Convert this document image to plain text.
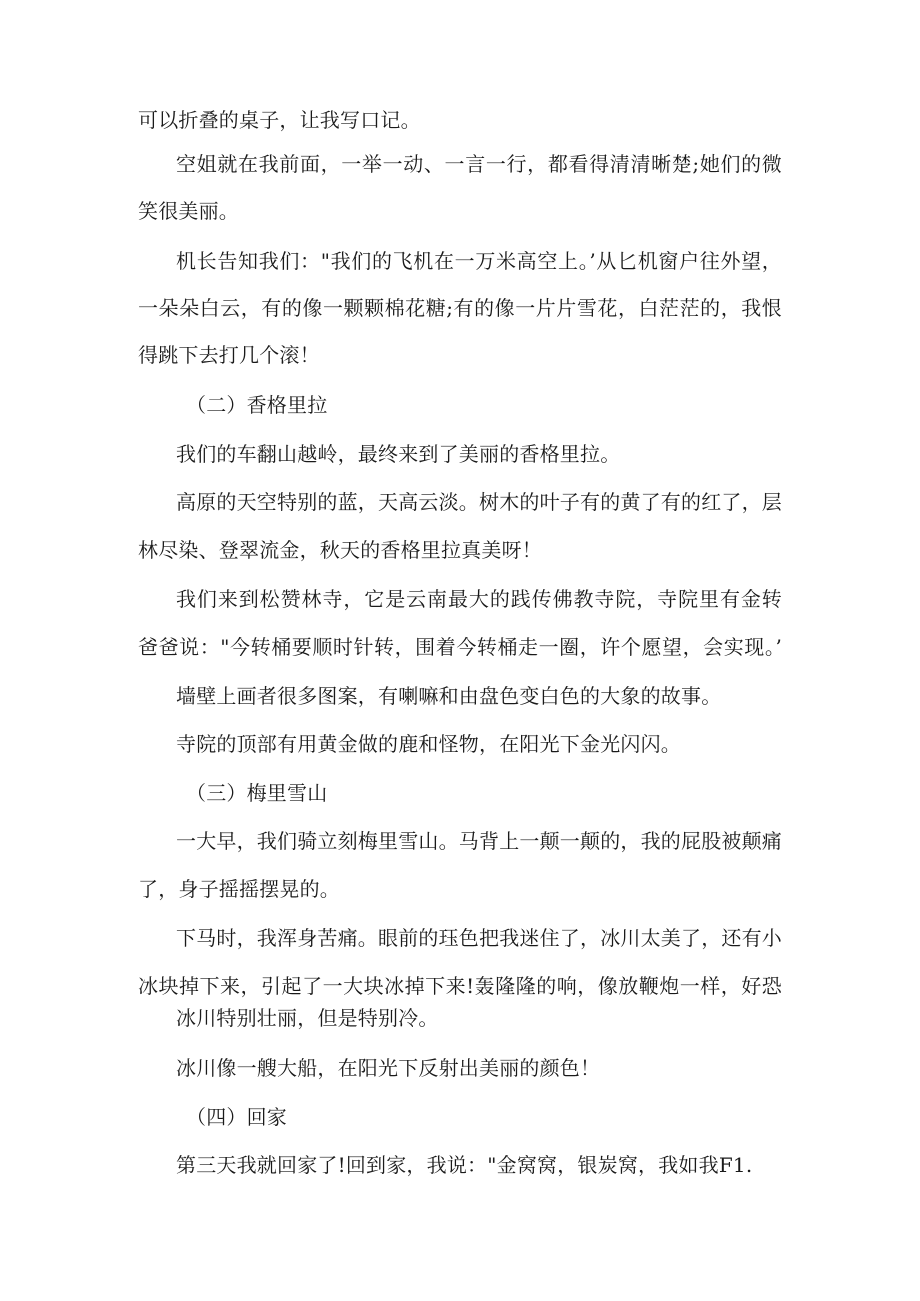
可以折叠的桌子，让我写口记。
空姐就在我前面，一举一动、一言一行，都看得清清晰楚;她们的微
笑很美丽。
机长告知我们："我们的飞机在一万米高空上。’从匕机窗户往外望，
一朵朵白云，有的像一颗颗棉花糖;有的像一片片雪花，白茫茫的，我恨
得跳下去打几个滚！
（二）香格里拉
我们的车翻山越岭，最终来到了美丽的香格里拉。
高原的天空特别的蓝，天高云淡。树木的叶子有的黄了有的红了，层
林尽染、登翠流金，秋天的香格里拉真美呀！
我们来到松赞林寺，它是云南最大的践传佛教寺院，寺院里有金转
爸爸说："今转桶要顺时针转，围着今转桶走一圈，许个愿望，会实现。’
墙壁上画者很多图案，有喇嘛和由盘色变白色的大象的故事。
寺院的顶部有用黄金做的鹿和怪物，在阳光下金光闪闪。
（三）梅里雪山
一大早，我们骑立刻梅里雪山。马背上一颠一颠的，我的屁股被颠痛
了，身子摇摇摆晃的。
下马时，我浑身苦痛。眼前的珏色把我迷住了，冰川太美了，还有小
冰块掉下来，引起了一大块冰掉下来!轰隆隆的响，像放鞭炮一样，好恐
冰川特别壮丽，但是特别冷。
冰川像一艘大船，在阳光下反射出美丽的颜色！
（四）回家
第三天我就回家了!回到家，我说："金窝窝，银炭窝，我如我F1.
